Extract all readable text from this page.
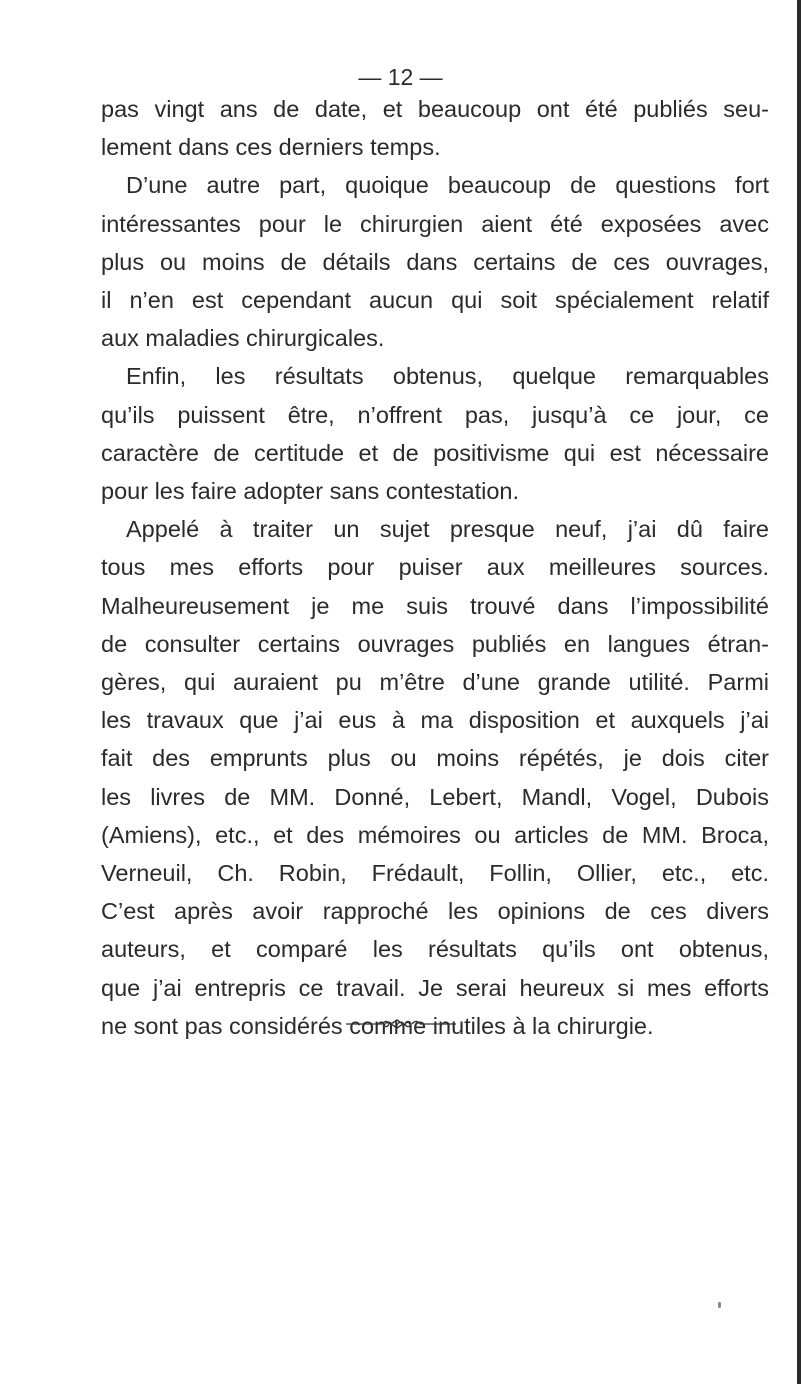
— 12 —
pas vingt ans de date, et beaucoup ont été publiés seu-
lement dans ces derniers temps.
D’une autre part, quoique beaucoup de questions fort
intéressantes pour le chirurgien aient été exposées avec
plus ou moins de détails dans certains de ces ouvrages,
il n’en est cependant aucun qui soit spécialement relatif
aux maladies chirurgicales.
Enfin, les résultats obtenus, quelque remarquables
qu’ils puissent être, n’offrent pas, jusqu’à ce jour, ce
caractère de certitude et de positivisme qui est nécessaire
pour les faire adopter sans contestation.
Appelé à traiter un sujet presque neuf, j’ai dû faire
tous mes efforts pour puiser aux meilleures sources.
Malheureusement je me suis trouvé dans l’impossibilité
de consulter certains ouvrages publiés en langues étran-
gères, qui auraient pu m’être d’une grande utilité. Parmi
les travaux que j’ai eus à ma disposition et auxquels j’ai
fait des emprunts plus ou moins répétés, je dois citer
les livres de MM. Donné, Lebert, Mandl, Vogel, Dubois
(Amiens), etc., et des mémoires ou articles de MM. Broca,
Verneuil, Ch. Robin, Frédault, Follin, Ollier, etc., etc.
C’est après avoir rapproché les opinions de ces divers
auteurs, et comparé les résultats qu’ils ont obtenus,
que j’ai entrepris ce travail. Je serai heureux si mes efforts
ne sont pas considérés comme inutiles à la chirurgie.
